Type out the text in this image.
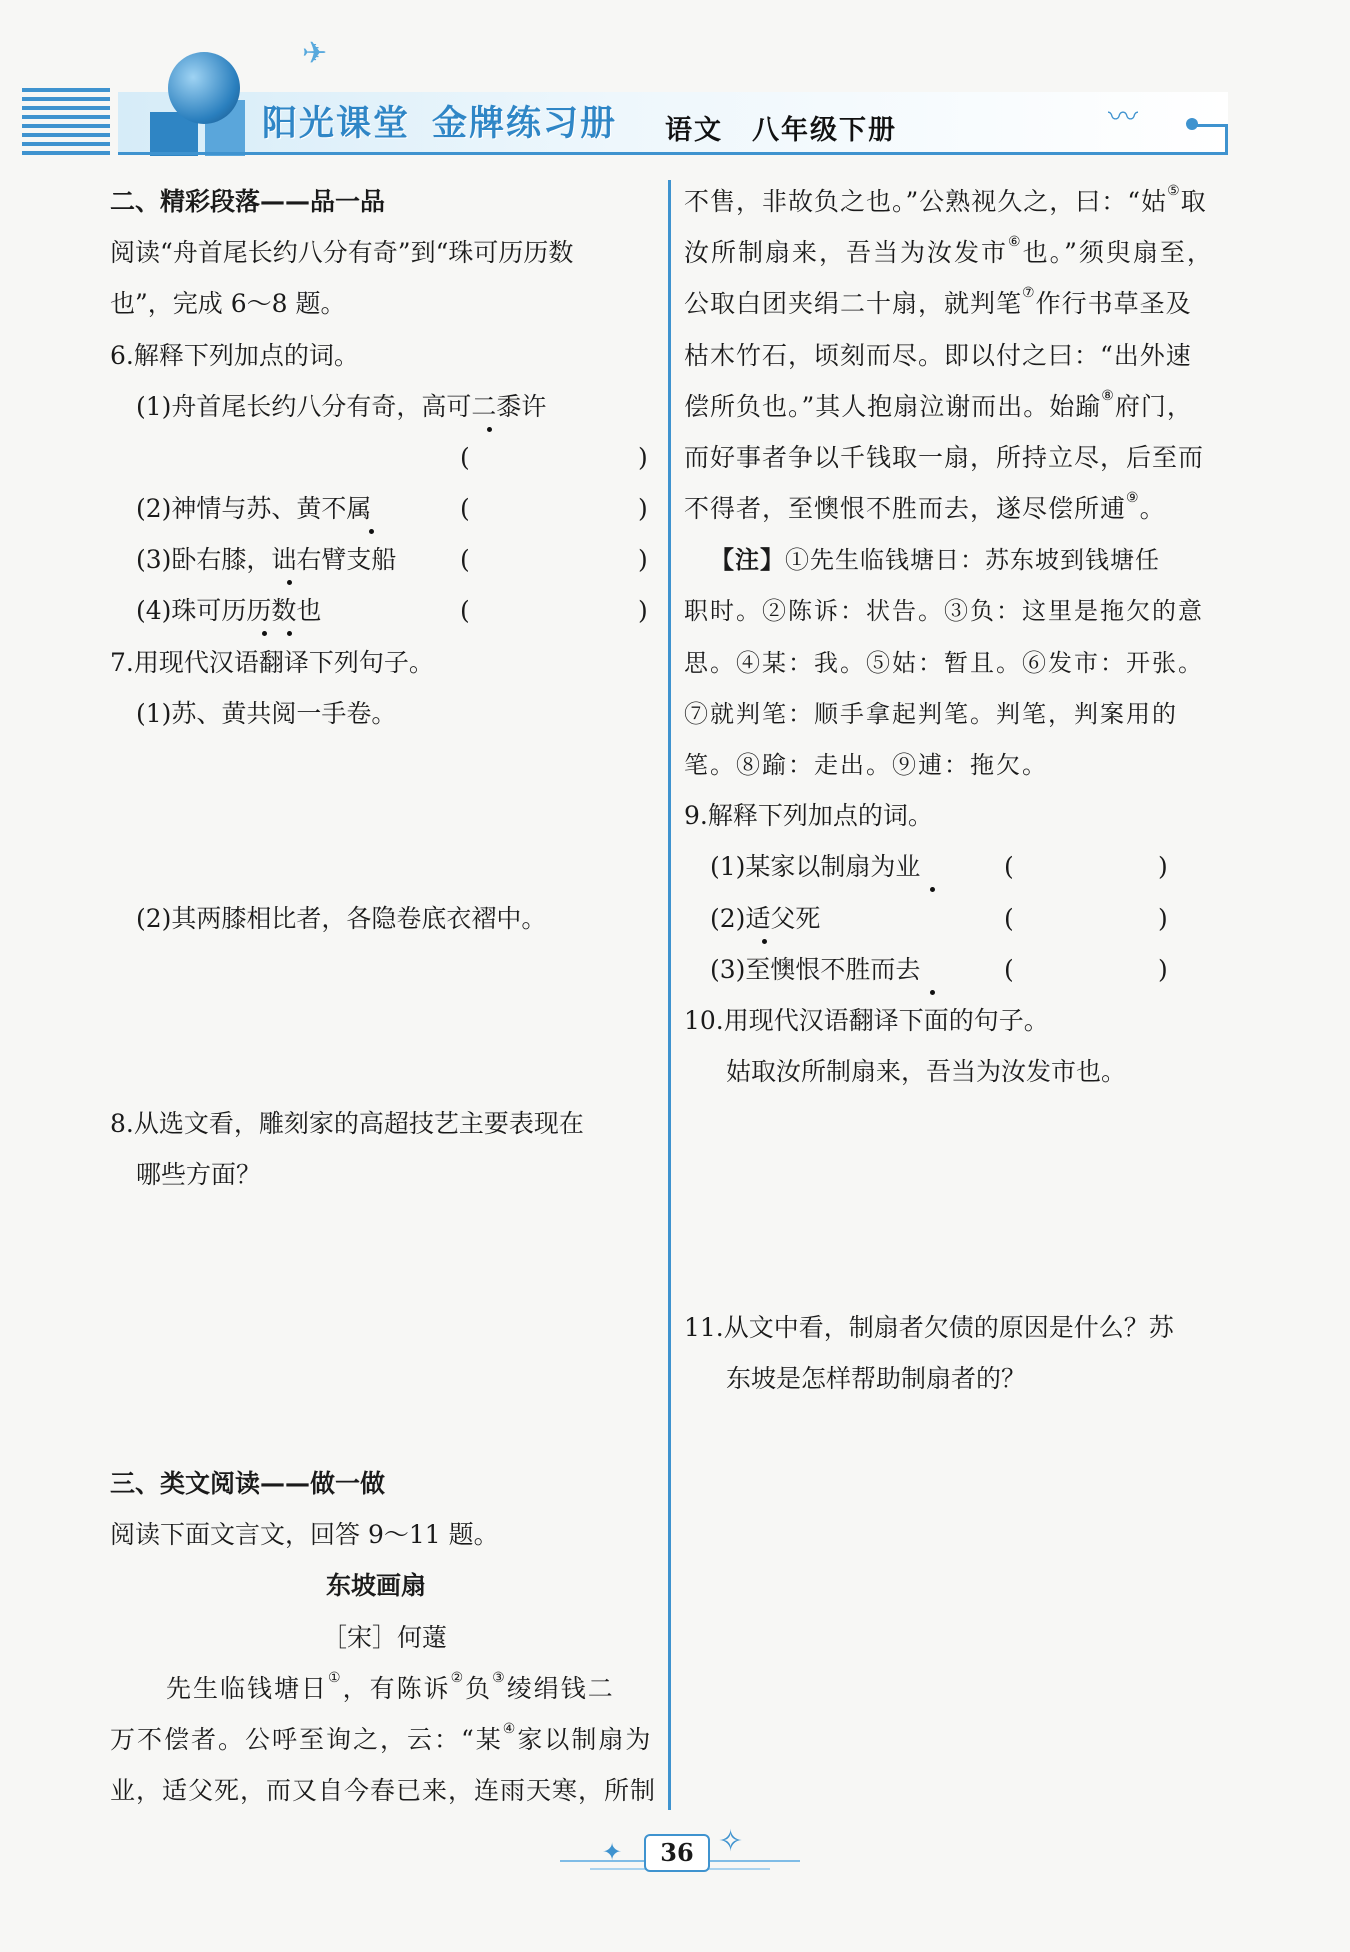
✈
阳光课堂 金牌练习册 语文　八年级下册	〰
二、精彩段落——品一品
阅读“舟首尾长约八分有奇”到“珠可历历数
也”，完成 6～8 题。
6.解释下列加点的词。
(1)舟首尾长约八分有奇，高可二黍许
(	)
(2)神情与苏、黄不属	(	)
(3)卧右膝，诎右臂支船	(	)
(4)珠可历历数也	(	)
7.用现代汉语翻译下列句子。
(1)苏、黄共阅一手卷。
(2)其两膝相比者，各隐卷底衣褶中。
8.从选文看，雕刻家的高超技艺主要表现在
哪些方面？
三、类文阅读——做一做
阅读下面文言文，回答 9～11 题。
东坡画扇
［宋］何薳
先生临钱塘日①，有陈诉②负③绫绢钱二
万不偿者。公呼至询之，云：“某④家以制扇为
业，适父死，而又自今春已来，连雨天寒，所制
不售，非故负之也。”公熟视久之，曰：“姑⑤取
汝所制扇来，吾当为汝发市⑥也。”须臾扇至，
公取白团夹绢二十扇，就判笔⑦作行书草圣及
枯木竹石，顷刻而尽。即以付之曰：“出外速
偿所负也。”其人抱扇泣谢而出。始踰⑧府门，
而好事者争以千钱取一扇，所持立尽，后至而
不得者，至懊恨不胜而去，遂尽偿所逋⑨。
【注】①先生临钱塘日：苏东坡到钱塘任
职时。②陈诉：状告。③负：这里是拖欠的意
思。④某：我。⑤姑：暂且。⑥发市：开张。
⑦就判笔：顺手拿起判笔。判笔，判案用的
笔。⑧踰：走出。⑨逋：拖欠。
9.解释下列加点的词。
(1)某家以制扇为业	(	)
(2)适父死	(	)
(3)至懊恨不胜而去	(	)
10.用现代汉语翻译下面的句子。
姑取汝所制扇来，吾当为汝发市也。
11.从文中看，制扇者欠债的原因是什么？苏
东坡是怎样帮助制扇者的？
✦	✧
36
